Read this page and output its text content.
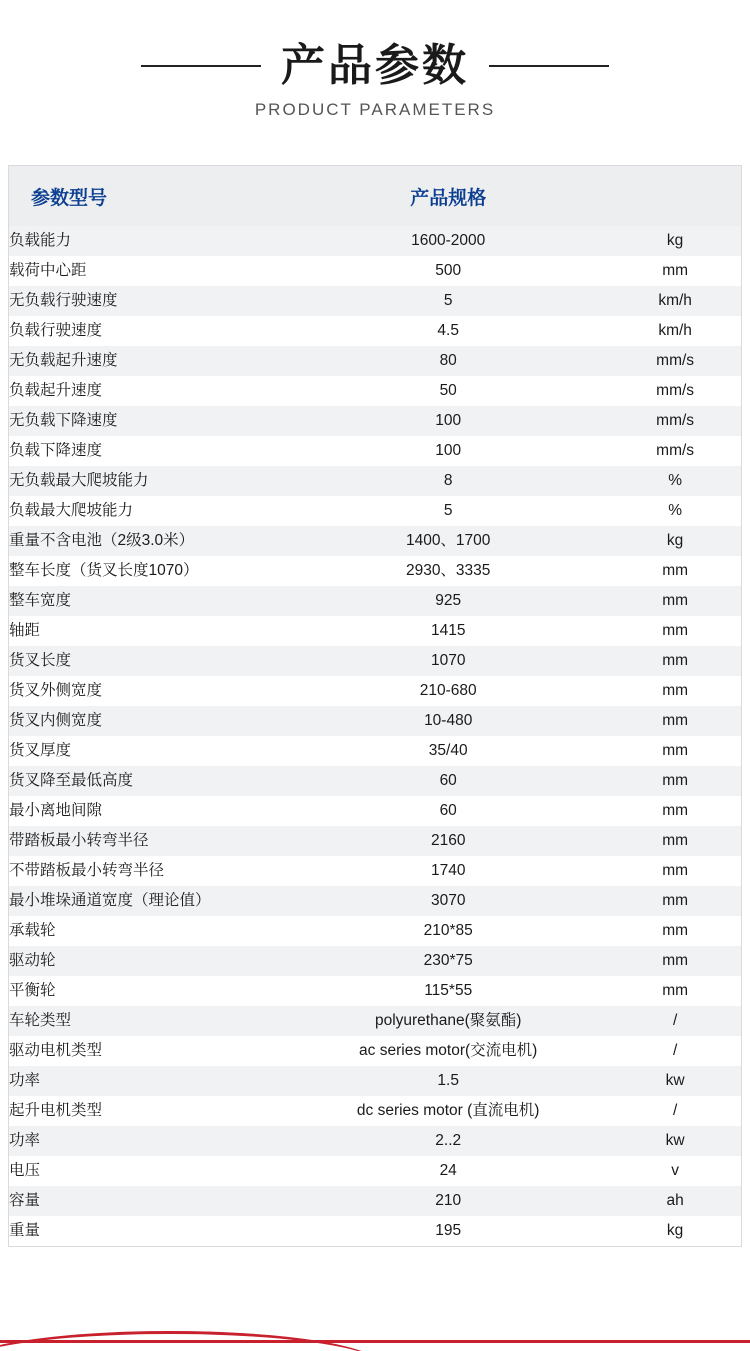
产品参数
PRODUCT PARAMETERS
参数型号	产品规格	
负载能力	1600-2000	kg
载荷中心距	500	mm
无负载行驶速度	5	km/h
负载行驶速度	4.5	km/h
无负载起升速度	80	mm/s
负载起升速度	50	mm/s
无负载下降速度	100	mm/s
负载下降速度	100	mm/s
无负载最大爬坡能力	8	%
负载最大爬坡能力	5	%
重量不含电池（2级3.0米）	1400、1700	kg
整车长度（货叉长度1070）	2930、3335	mm
整车宽度	925	mm
轴距	1415	mm
货叉长度	1070	mm
货叉外侧宽度	210-680	mm
货叉内侧宽度	10-480	mm
货叉厚度	35/40	mm
货叉降至最低高度	60	mm
最小离地间隙	60	mm
带踏板最小转弯半径	2160	mm
不带踏板最小转弯半径	1740	mm
最小堆垛通道宽度（理论值）	3070	mm
承载轮	210*85	mm
驱动轮	230*75	mm
平衡轮	115*55	mm
车轮类型	polyurethane(聚氨酯)	/
驱动电机类型	ac series motor(交流电机)	/
功率	1.5	kw
起升电机类型	dc series motor (直流电机)	/
功率	2..2	kw
电压	24	v
容量	210	ah
重量	195	kg
